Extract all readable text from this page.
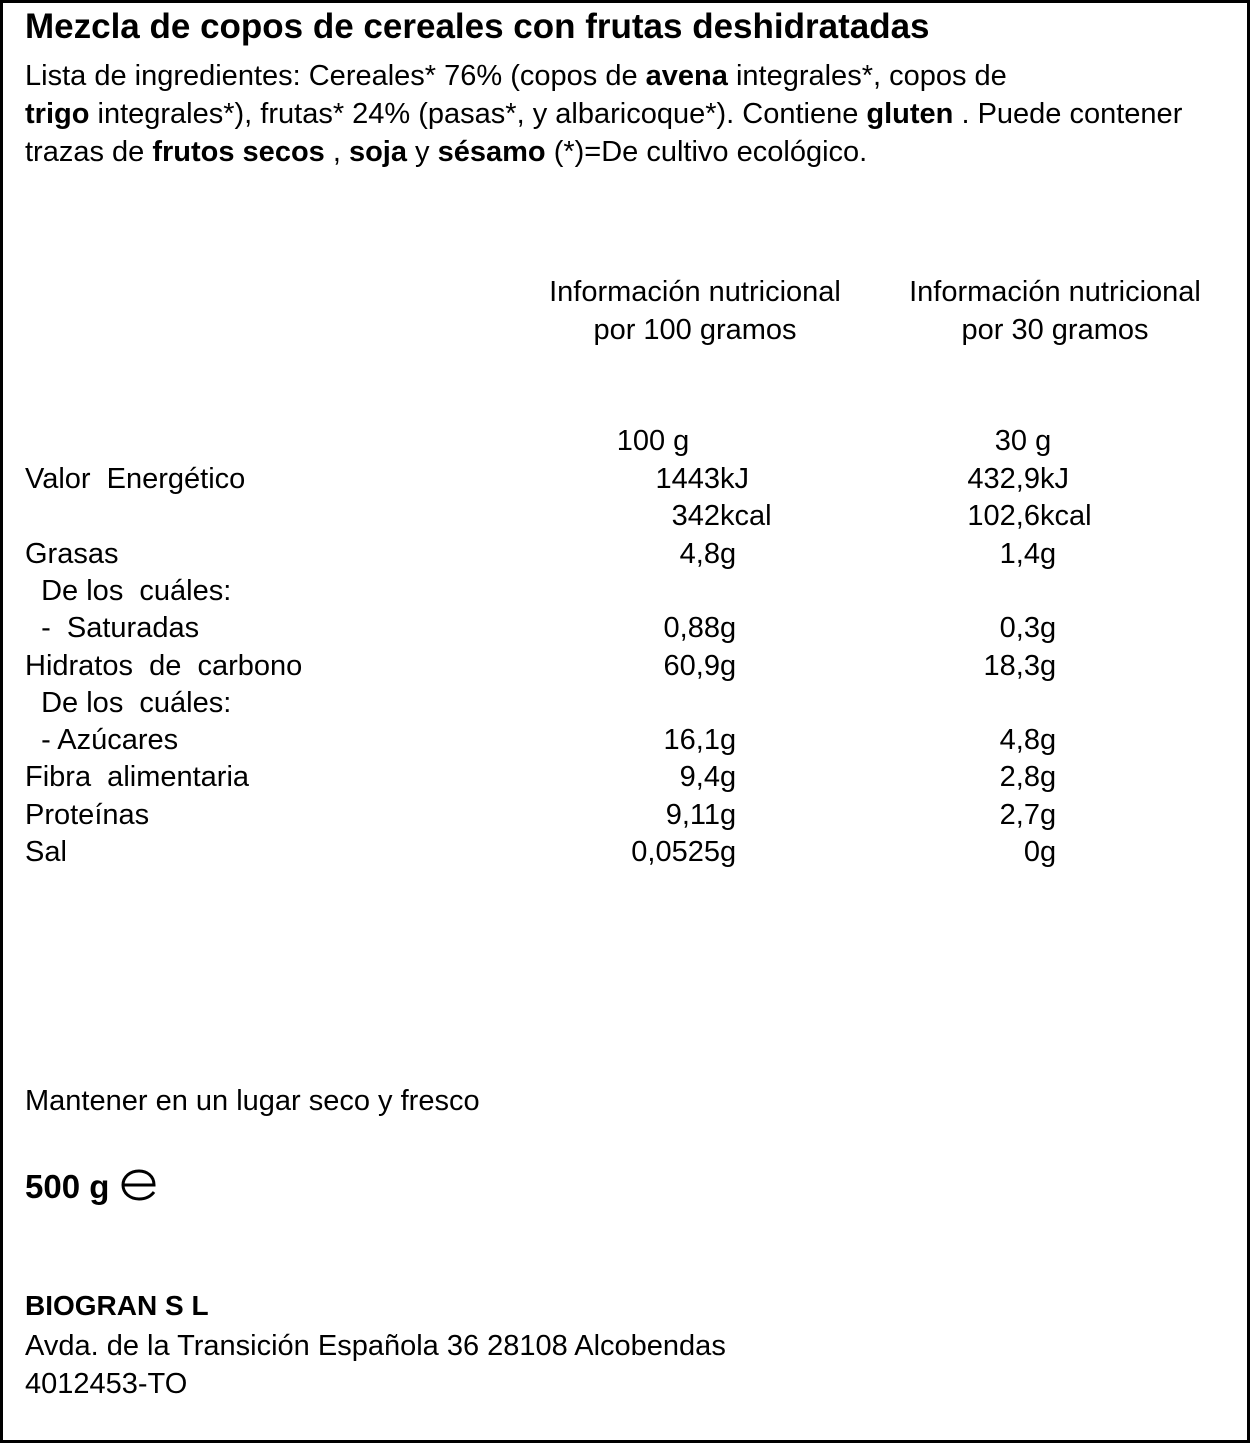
Mezcla de copos de cereales con frutas deshidratadas
Lista de ingredientes: Cereales* 76% (copos de avena integrales*, copos de
trigo integrales*), frutas* 24% (pasas*, y albaricoque*). Contiene gluten . Puede contener trazas de frutos secos , soja y sésamo (*)=De cultivo ecológico.
Información nutricional
por 100 gramos
Información nutricional
por 30 gramos
100 g	30 g
Valor  Energético	1443 kJ	432,9 kJ
342 kcal	102,6 kcal
Grasas	4,8 g	1,4 g
De los  cuáles:
-  Saturadas	0,88 g	0,3 g
Hidratos  de  carbono	60,9 g	18,3 g
De los  cuáles:
- Azúcares	16,1 g	4,8 g
Fibra  alimentaria	9,4 g	2,8 g
Proteínas	9,11 g	2,7 g
Sal	0,0525 g	0 g
Mantener en un lugar seco y fresco
500 g
BIOGRAN S L
Avda. de la Transición Española 36 28108 Alcobendas
4012453-TO
